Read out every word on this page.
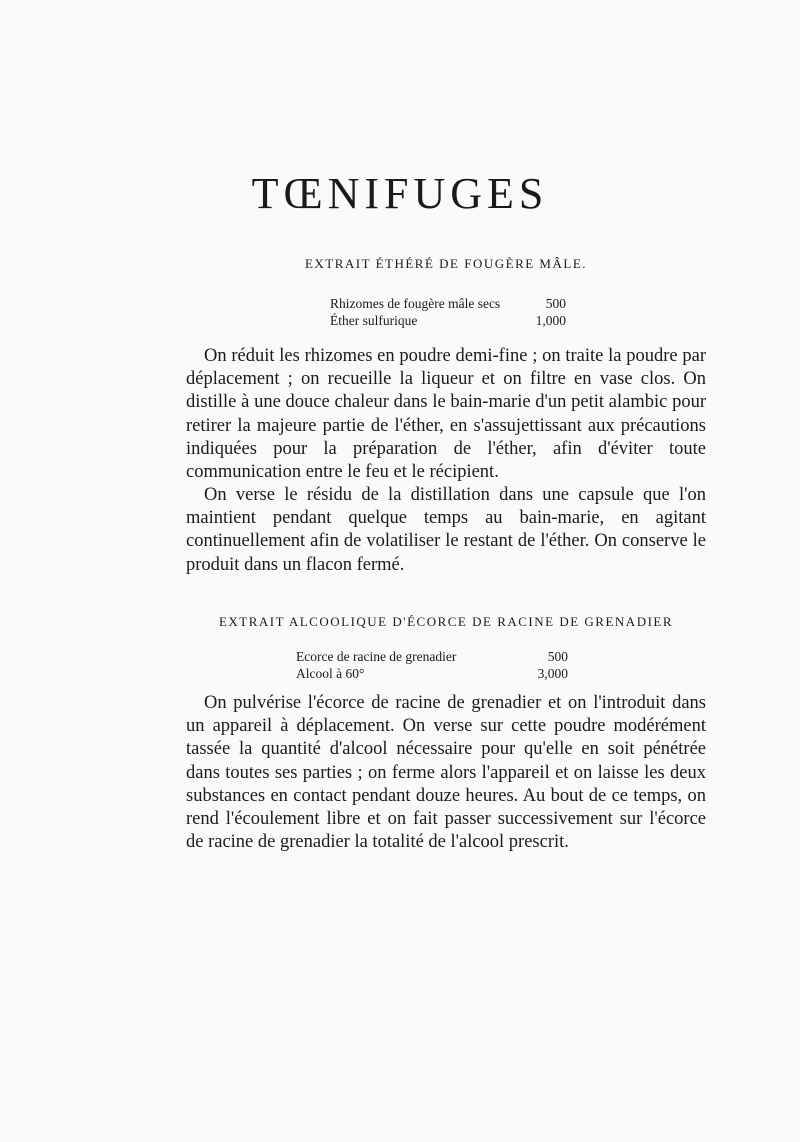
TŒNIFUGES
EXTRAIT ÉTHÉRÉ DE FOUGÈRE MÂLE.
Rhizomes de fougère mâle secs	500
Éther sulfurique	1,000

On réduit les rhizomes en poudre demi-fine ; on traite la poudre par déplacement ; on recueille la liqueur et on filtre en vase clos. On distille à une douce chaleur dans le bain-marie d'un petit alambic pour retirer la majeure partie de l'éther, en s'assujettissant aux précautions indiquées pour la préparation de l'éther, afin d'éviter toute communication entre le feu et le récipient.

On verse le résidu de la distillation dans une capsule que l'on maintient pendant quelque temps au bain-marie, en agitant continuellement afin de volatiliser le restant de l'éther. On conserve le produit dans un flacon fermé.

EXTRAIT ALCOOLIQUE D'ÉCORCE DE RACINE DE GRENADIER
Ecorce de racine de grenadier	500
Alcool à 60°	3,000

On pulvérise l'écorce de racine de grenadier et on l'introduit dans un appareil à déplacement. On verse sur cette poudre modérément tassée la quantité d'alcool nécessaire pour qu'elle en soit pénétrée dans toutes ses parties ; on ferme alors l'appareil et on laisse les deux substances en contact pendant douze heures. Au bout de ce temps, on rend l'écoulement libre et on fait passer successivement sur l'écorce de racine de grenadier la totalité de l'alcool prescrit.
